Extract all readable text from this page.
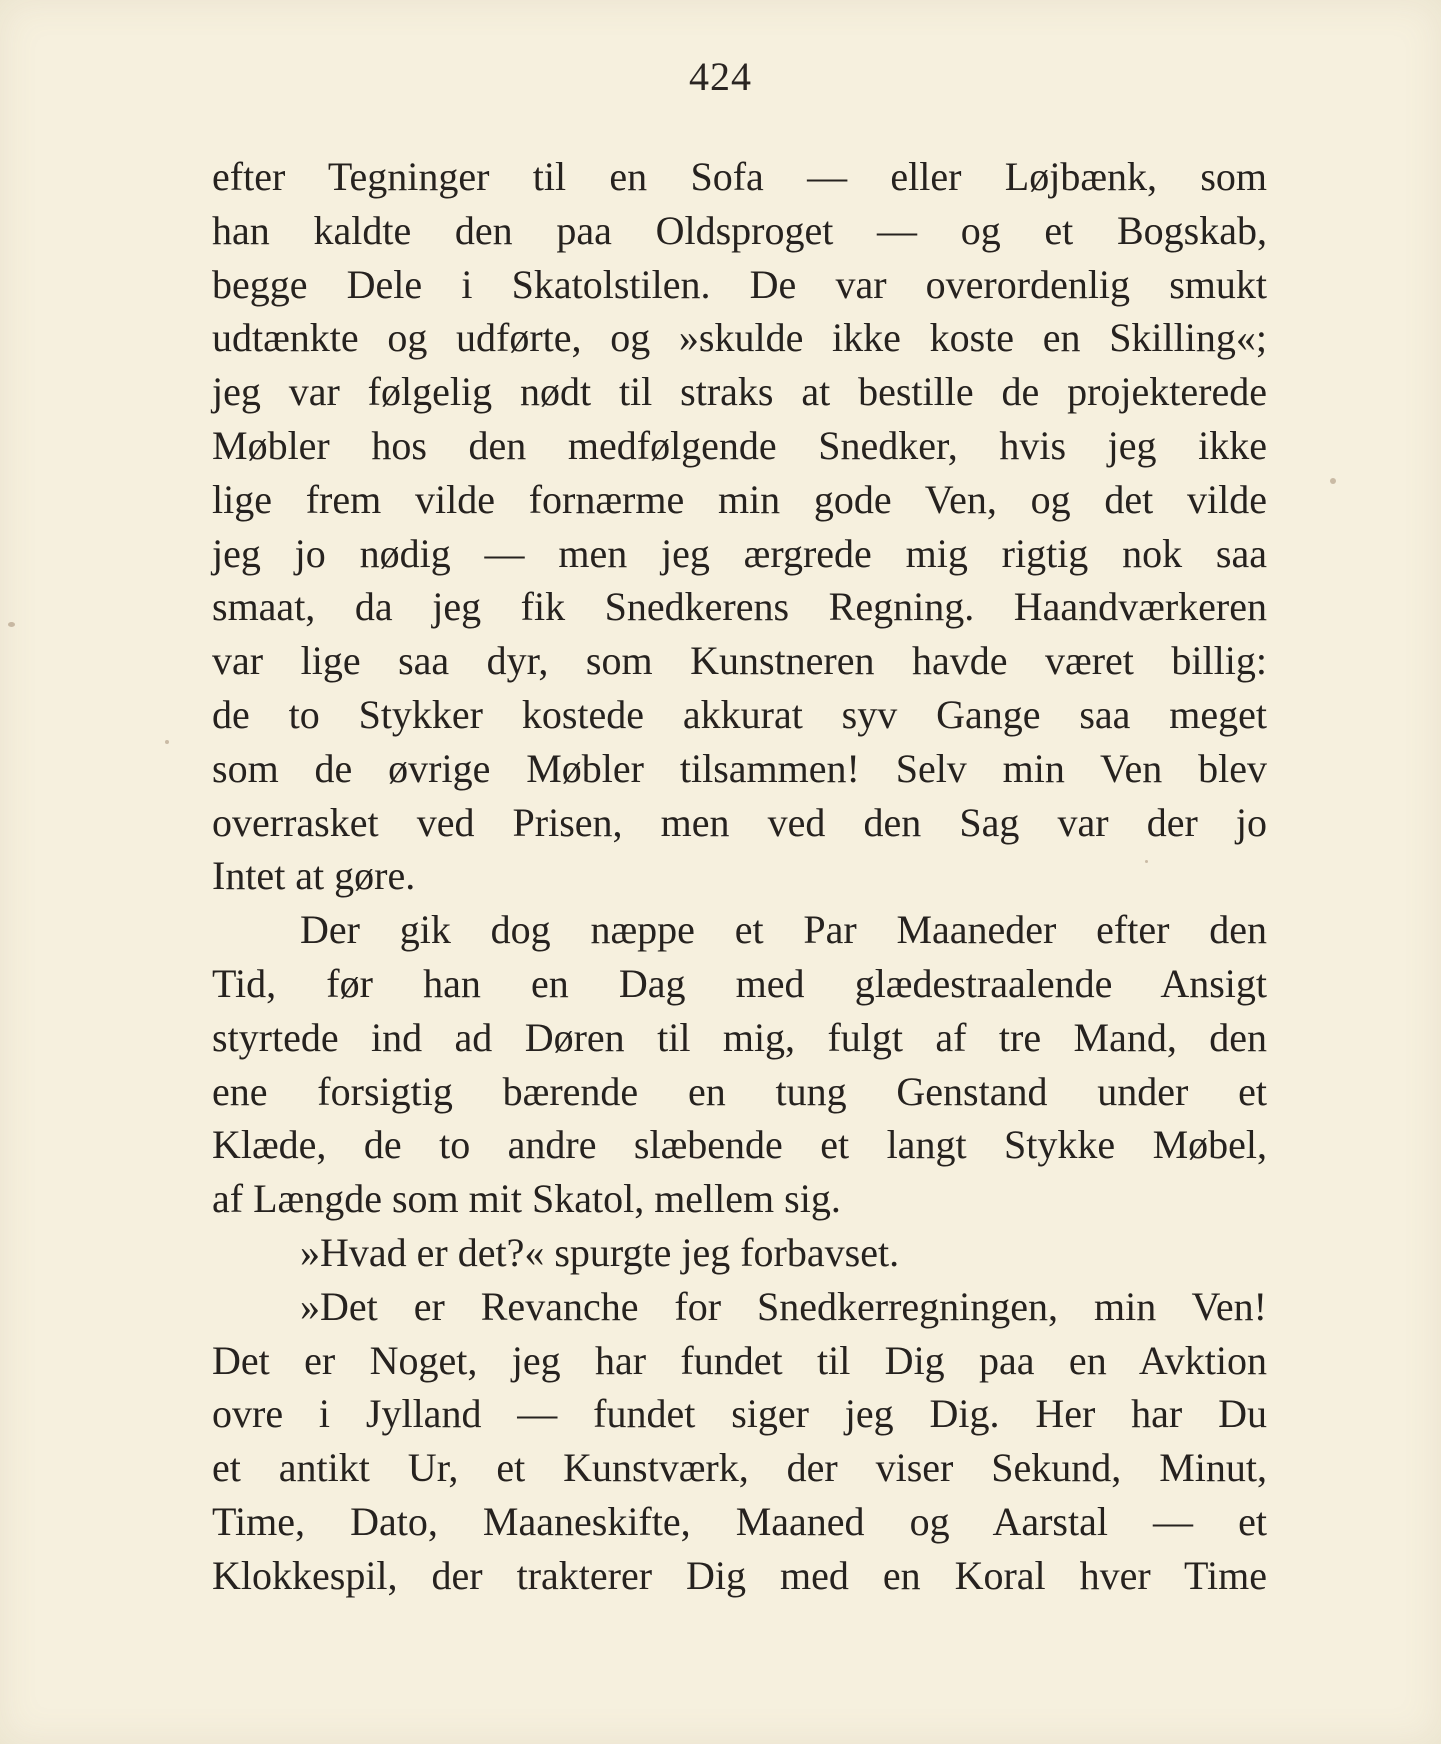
424
efter Tegninger til en Sofa — eller Løjbænk, som
han kaldte den paa Oldsproget — og et Bogskab,
begge Dele i Skatolstilen. De var overordenlig smukt
udtænkte og udførte, og »skulde ikke koste en Skilling«;
jeg var følgelig nødt til straks at bestille de projekterede
Møbler hos den medfølgende Snedker, hvis jeg ikke
lige frem vilde fornærme min gode Ven, og det vilde
jeg jo nødig — men jeg ærgrede mig rigtig nok saa
smaat, da jeg fik Snedkerens Regning. Haandværkeren
var lige saa dyr, som Kunstneren havde været billig:
de to Stykker kostede akkurat syv Gange saa meget
som de øvrige Møbler tilsammen! Selv min Ven blev
overrasket ved Prisen, men ved den Sag var der jo
Intet at gøre.
Der gik dog næppe et Par Maaneder efter den
Tid, før han en Dag med glædestraalende Ansigt
styrtede ind ad Døren til mig, fulgt af tre Mand, den
ene forsigtig bærende en tung Genstand under et
Klæde, de to andre slæbende et langt Stykke Møbel,
af Længde som mit Skatol, mellem sig.
»Hvad er det?« spurgte jeg forbavset.
»Det er Revanche for Snedkerregningen, min Ven!
Det er Noget, jeg har fundet til Dig paa en Avktion
ovre i Jylland — fundet siger jeg Dig. Her har Du
et antikt Ur, et Kunstværk, der viser Sekund, Minut,
Time, Dato, Maaneskifte, Maaned og Aarstal — et
Klokkespil, der trakterer Dig med en Koral hver Time
